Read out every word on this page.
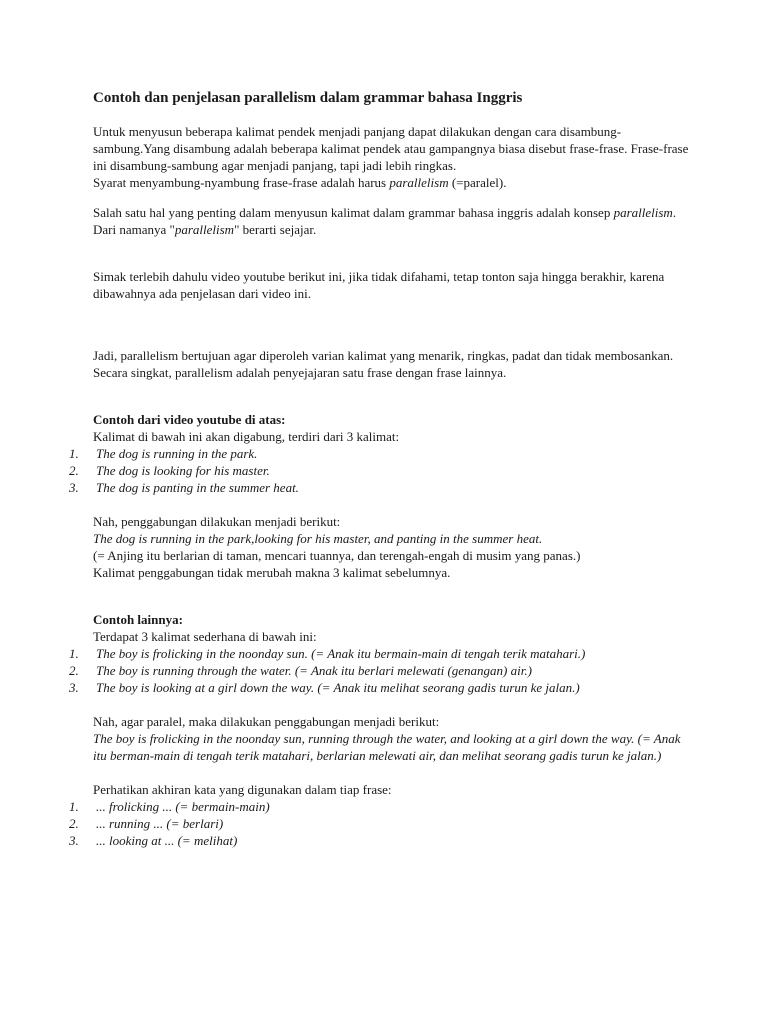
Contoh dan penjelasan parallelism dalam grammar bahasa Inggris

Untuk menyusun beberapa kalimat pendek menjadi panjang dapat dilakukan dengan cara disambung-sambung.Yang disambung adalah beberapa kalimat pendek atau gampangnya biasa disebut frase-frase. Frase-frase ini disambung-sambung agar menjadi panjang, tapi jadi lebih ringkas.

Syarat menyambung-nyambung frase-frase adalah harus parallelism (=paralel).

Salah satu hal yang penting dalam menyusun kalimat dalam grammar bahasa inggris adalah konsep parallelism. Dari namanya "parallelism" berarti sejajar.

Simak terlebih dahulu video youtube berikut ini, jika tidak difahami, tetap tonton saja hingga berakhir, karena dibawahnya ada penjelasan dari video ini.

Jadi, parallelism bertujuan agar diperoleh varian kalimat yang menarik, ringkas, padat dan tidak membosankan.

Secara singkat, parallelism adalah penyejajaran satu frase dengan frase lainnya.

Contoh dari video youtube di atas:

Kalimat di bawah ini akan digabung, terdiri dari 3 kalimat:

1. The dog is running in the park.
2. The dog is looking for his master.
3. The dog is panting in the summer heat.

Nah, penggabungan dilakukan menjadi berikut:

The dog is running in the park,looking for his master, and panting in the summer heat.

(= Anjing itu berlarian di taman, mencari tuannya, dan terengah-engah di musim yang panas.)

Kalimat penggabungan tidak merubah makna 3 kalimat sebelumnya.

Contoh lainnya:

Terdapat 3 kalimat sederhana di bawah ini:

1. The boy is frolicking in the noonday sun. (= Anak itu bermain-main di tengah terik matahari.)
2. The boy is running through the water. (= Anak itu berlari melewati (genangan) air.)
3. The boy is looking at a girl down the way. (= Anak itu melihat seorang gadis turun ke jalan.)

Nah, agar paralel, maka dilakukan penggabungan menjadi berikut:

The boy is frolicking in the noonday sun, running through the water, and looking at a girl down the way. (= Anak itu berman-main di tengah terik matahari, berlarian melewati air, dan melihat seorang gadis turun ke jalan.)

Perhatikan akhiran kata yang digunakan dalam tiap frase:

1. ... frolicking ... (= bermain-main)
2. ... running ... (= berlari)
3. ... looking at ... (= melihat)
